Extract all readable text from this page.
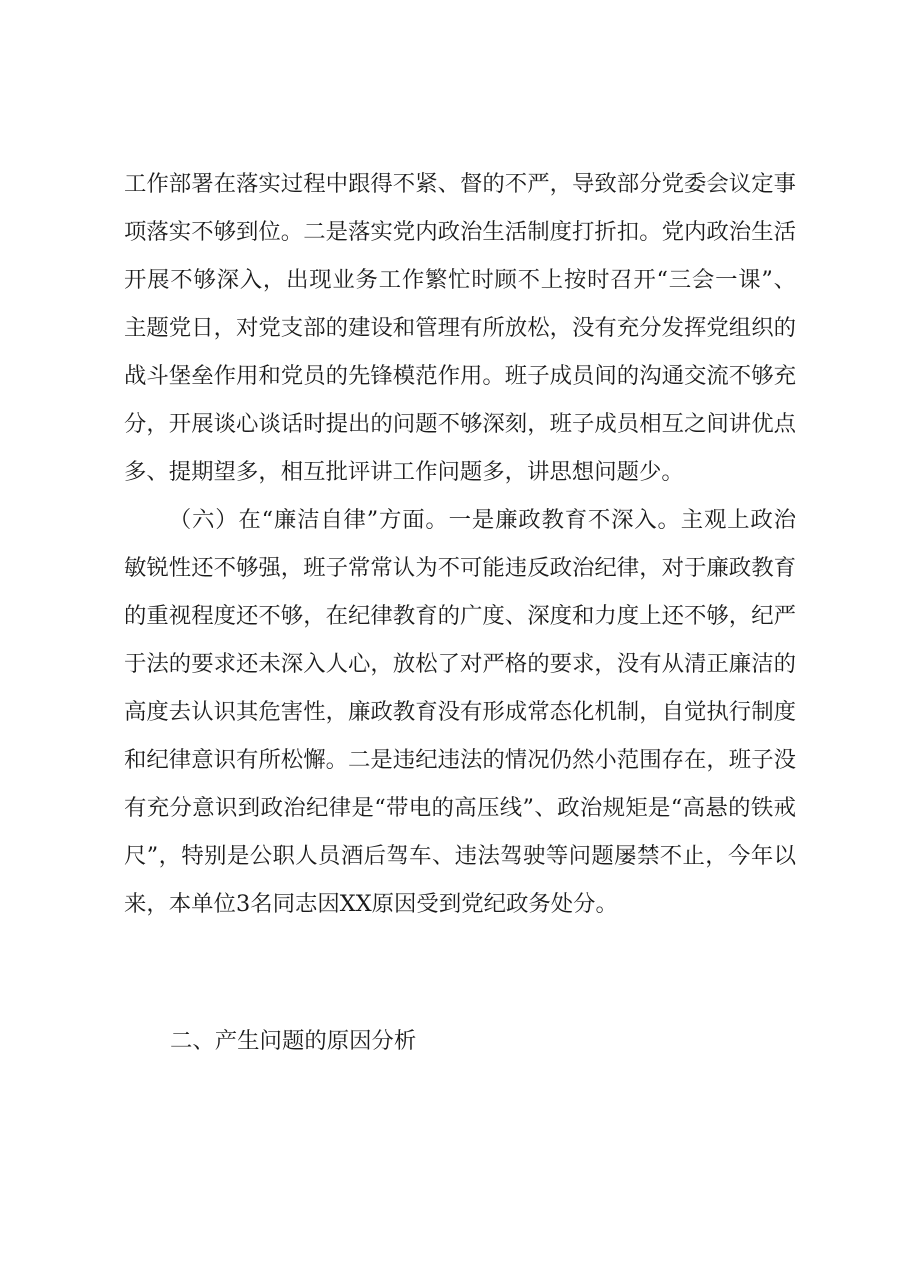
工作部署在落实过程中跟得不紧、督的不严，导致部分党委会议定事项落实不够到位。二是落实党内政治生活制度打折扣。党内政治生活开展不够深入，出现业务工作繁忙时顾不上按时召开“三会一课”、主题党日，对党支部的建设和管理有所放松，没有充分发挥党组织的战斗堡垒作用和党员的先锋模范作用。班子成员间的沟通交流不够充分，开展谈心谈话时提出的问题不够深刻，班子成员相互之间讲优点多、提期望多，相互批评讲工作问题多，讲思想问题少。

（六）在“廉洁自律”方面。一是廉政教育不深入。主观上政治敏锐性还不够强，班子常常认为不可能违反政治纪律，对于廉政教育的重视程度还不够，在纪律教育的广度、深度和力度上还不够，纪严于法的要求还未深入人心，放松了对严格的要求，没有从清正廉洁的高度去认识其危害性，廉政教育没有形成常态化机制，自觉执行制度和纪律意识有所松懈。二是违纪违法的情况仍然小范围存在，班子没有充分意识到政治纪律是“带电的高压线”、政治规矩是“高悬的铁戒尺”，特别是公职人员酒后驾车、违法驾驶等问题屡禁不止，今年以来，本单位3名同志因XX原因受到党纪政务处分。

二、产生问题的原因分析
